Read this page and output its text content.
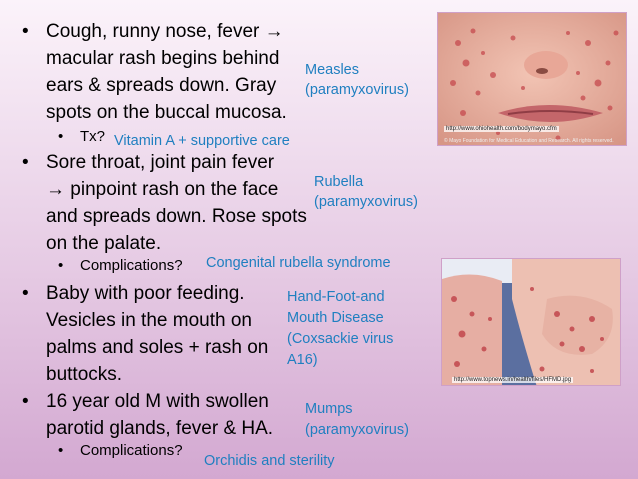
http://www.ohiohealth.com/bodymayo.cfm
© Mayo Foundation for Medical Education and Research. All rights reserved.
http://www.topnews.in/health/files/HFMD.jpg
• Cough, runny nose, fever →
macular rash begins behind
ears & spreads down. Gray
spots on the buccal mucosa.
• Tx? Vitamin A + supportive care
• Sore throat, joint pain fever
→ pinpoint rash on the face
and spreads down. Rose spots
on the palate.
• Complications? Congenital rubella syndrome
• Baby with poor feeding.
Vesicles in the mouth on
palms and soles + rash on
buttocks.
• 16 year old M with swollen
parotid glands, fever & HA.
• Complications?
Orchidis and sterility
Measles
(paramyxovirus)
Rubella
(paramyxovirus)
Hand-Foot-and
Mouth Disease
(Coxsackie virus
A16)
Mumps
(paramyxovirus)
